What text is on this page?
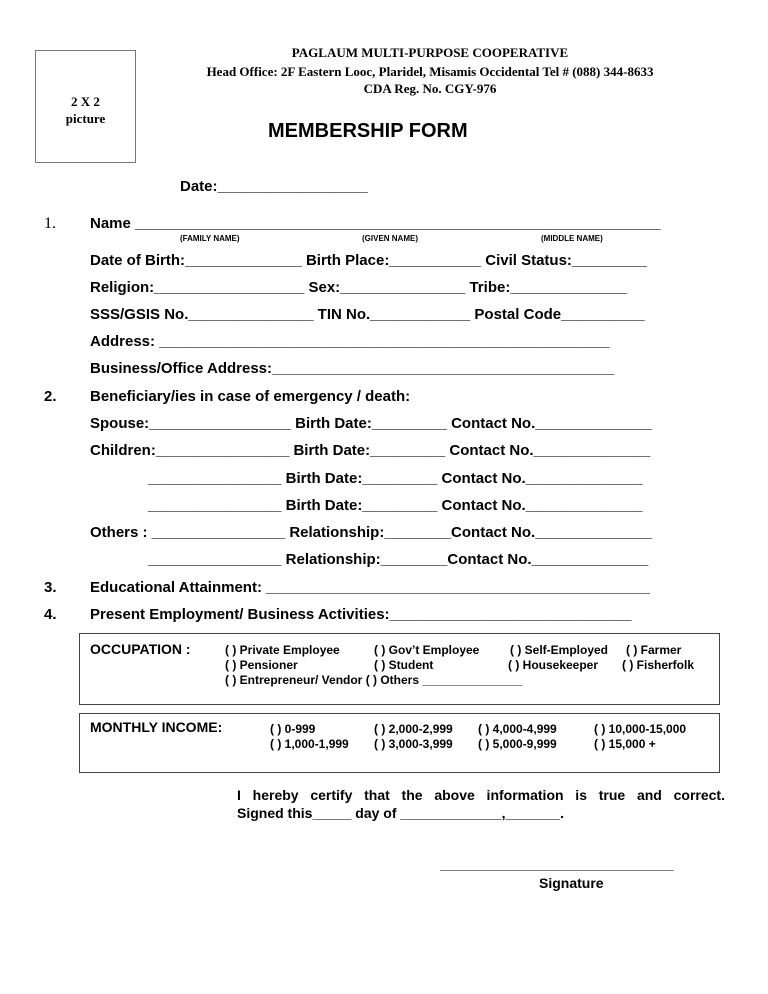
2 X 2
picture
PAGLAUM MULTI-PURPOSE COOPERATIVE
Head Office: 2F Eastern Looc, Plaridel, Misamis Occidental Tel # (088) 344-8633
CDA Reg. No. CGY-976
MEMBERSHIP FORM
Date:__________________
1. Name _______________________________________________________________
(FAMILY NAME)	(GIVEN NAME)	(MIDDLE NAME)
Date of Birth:______________ Birth Place:___________ Civil Status:_________
Religion:__________________ Sex:_______________ Tribe:______________
SSS/GSIS No._______________ TIN No.____________ Postal Code__________
Address: ______________________________________________________
Business/Office Address:_________________________________________
2. Beneficiary/ies in case of emergency / death:
Spouse:_________________ Birth Date:_________ Contact No.______________
Children:________________ Birth Date:_________ Contact No.______________
________________ Birth Date:_________ Contact No.______________
________________ Birth Date:_________ Contact No.______________
Others : ________________ Relationship:________Contact No.______________
________________ Relationship:________Contact No.______________
3. Educational Attainment: ______________________________________________
4. Present Employment/ Business Activities:_____________________________
OCCUPATION :	( ) Private Employee	( ) Gov’t Employee	( ) Self-Employed ( ) Farmer
( ) Pensioner	( ) Student	( ) Housekeeper ( ) Fisherfolk
( ) Entrepreneur/ Vendor ( ) Others _______________
MONTHLY INCOME:	( ) 0-999	( ) 2,000-2,999 ( ) 4,000-4,999	( ) 10,000-15,000
( ) 1,000-1,999 ( ) 3,000-3,999 ( ) 5,000-9,999	( ) 15,000 +
I hereby certify that the above information is true and correct.
Signed this_____ day of _____________,_______.
______________________________
Signature
